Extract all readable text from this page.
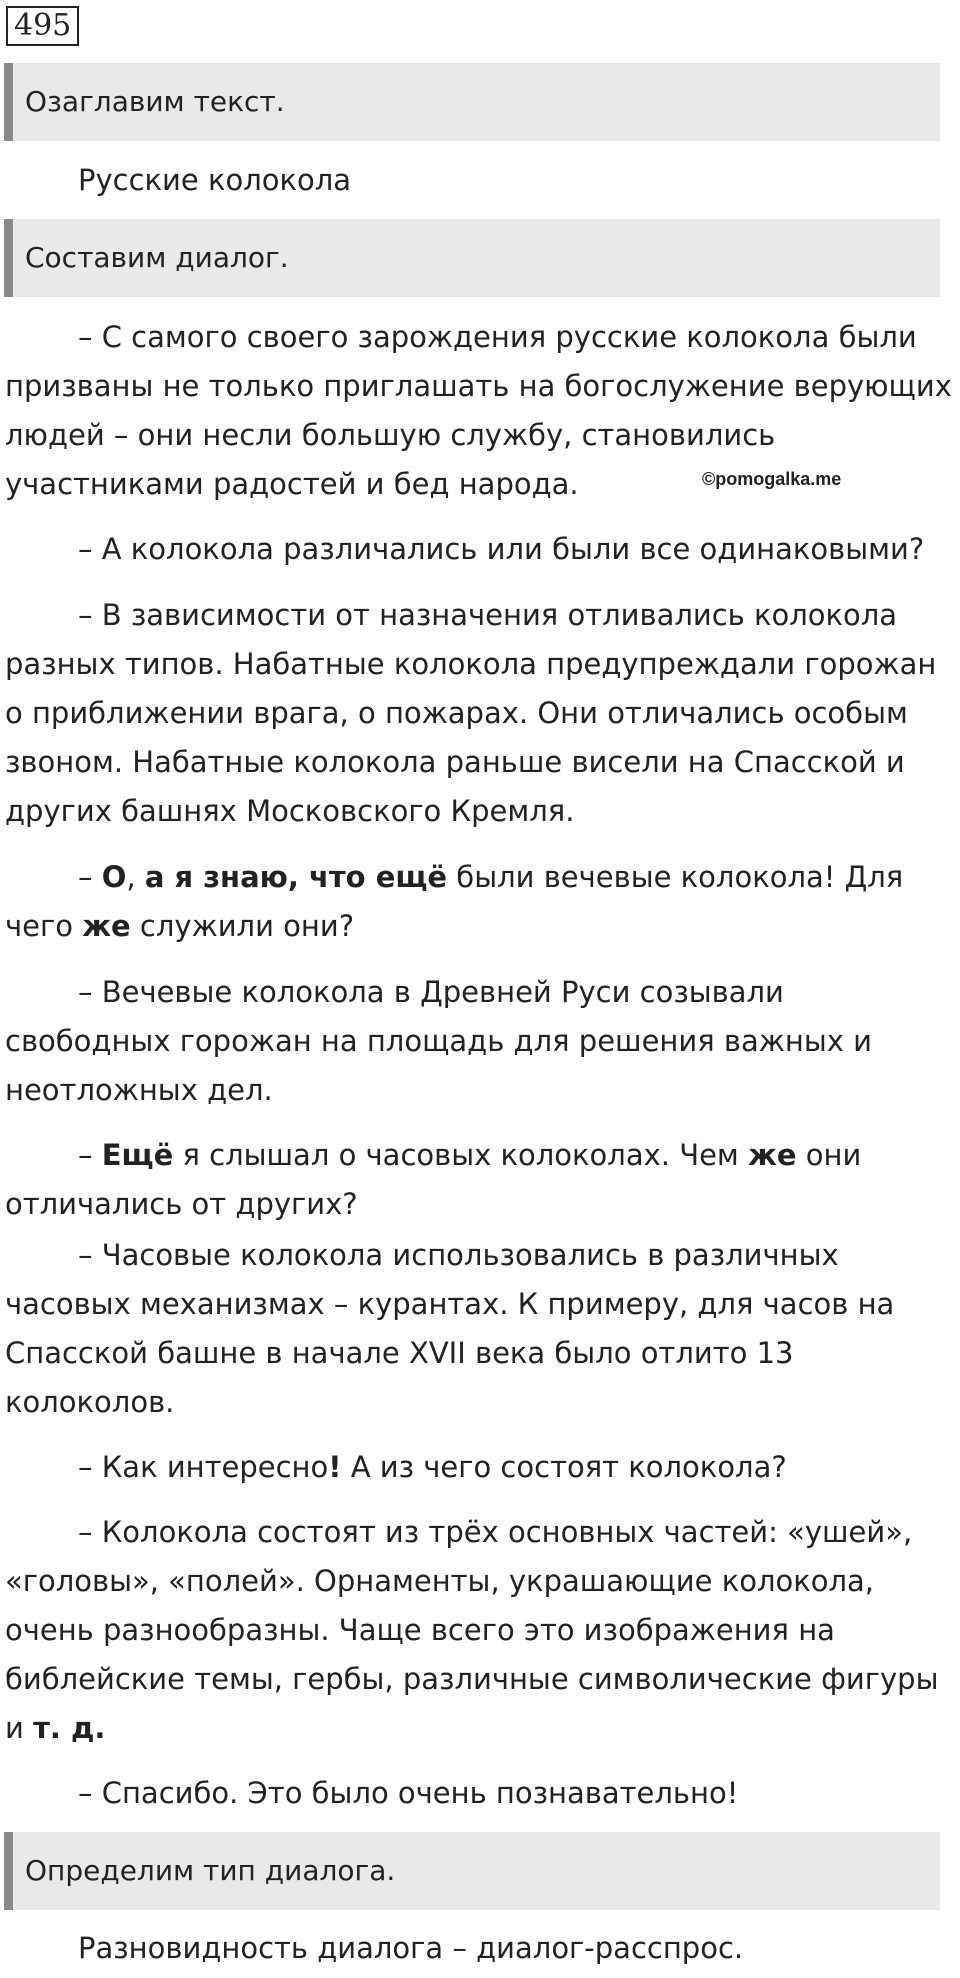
495
Озаглавим текст.

Русские колокола

Составим диалог.

– С самого своего зарождения русские колокола были

призваны не только приглашать на богослужение верующих

людей – они несли большую службу, становились

участниками радостей и бед народа.	©pomogalka.me

– А колокола различались или были все одинаковыми?

– В зависимости от назначения отливались колокола

разных типов. Набатные колокола предупреждали горожан

о приближении врага, о пожарах. Они отличались особым

звоном. Набатные колокола раньше висели на Спасской и

других башнях Московского Кремля.

– О, а я знаю, что ещё были вечевые колокола! Для

чего же служили они?

– Вечевые колокола в Древней Руси созывали

свободных горожан на площадь для решения важных и

неотложных дел.

– Ещё я слышал о часовых колоколах. Чем же они

отличались от других?

– Часовые колокола использовались в различных

часовых механизмах – курантах. К примеру, для часов на

Спасской башне в начале XVII века было отлито 13

колоколов.

– Как интересно! А из чего состоят колокола?

– Колокола состоят из трёх основных частей: «ушей»,

«головы», «полей». Орнаменты, украшающие колокола,

очень разнообразны. Чаще всего это изображения на

библейские темы, гербы, различные символические фигуры

и т. д.

– Спасибо. Это было очень познавательно!

Определим тип диалога.

Разновидность диалога – диалог-расспрос.
